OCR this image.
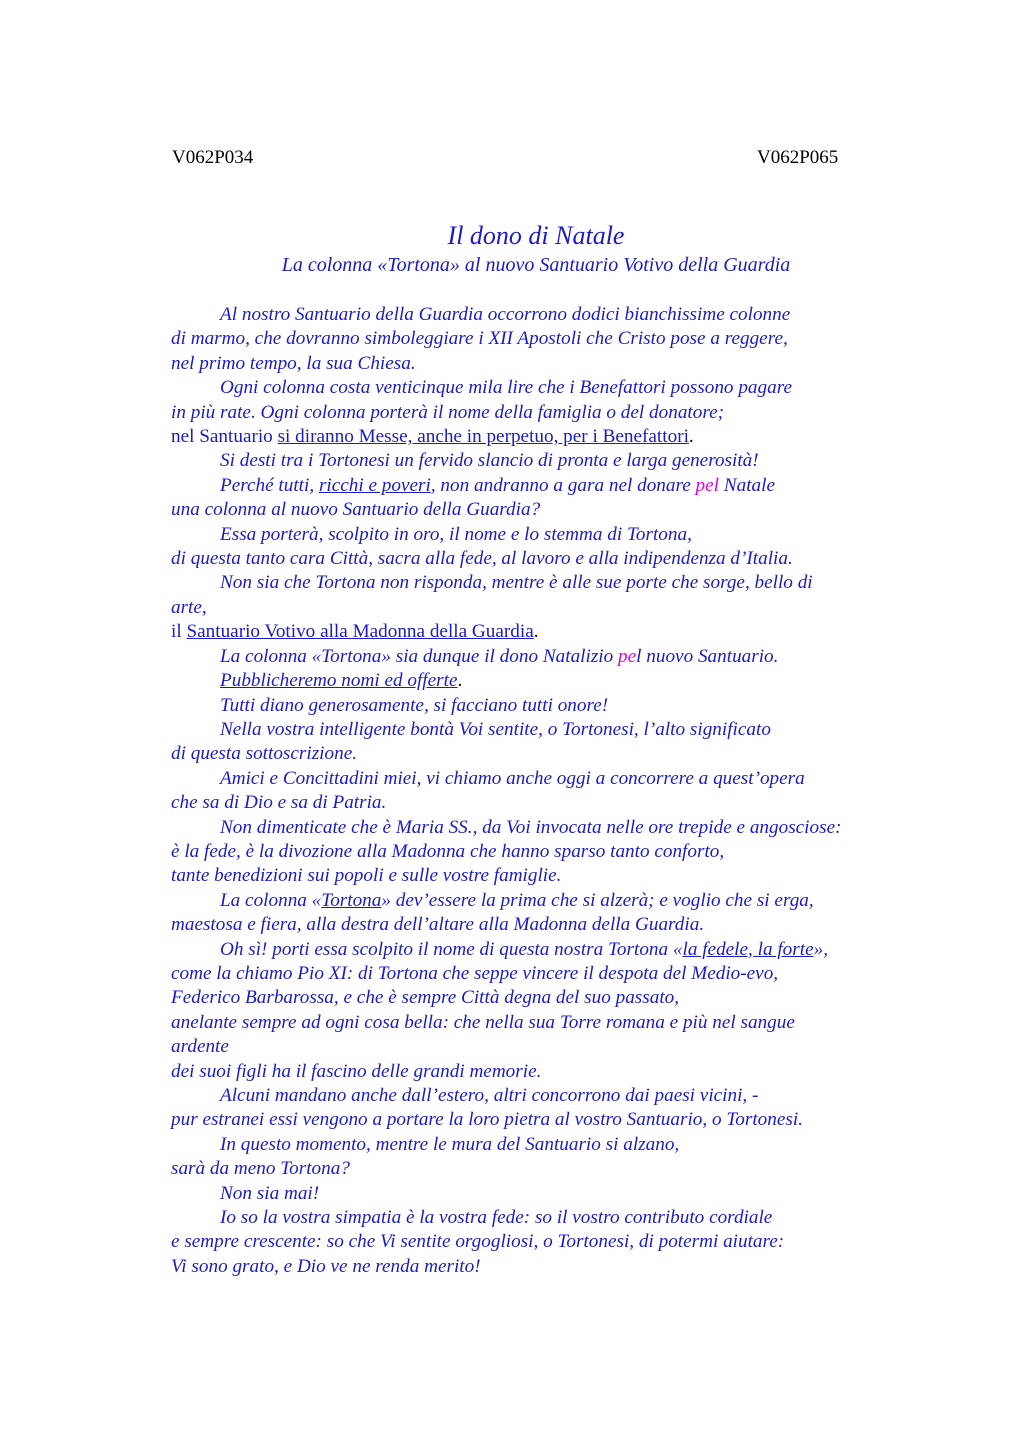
V062P034	V062P065
Il dono di Natale
La colonna «Tortona» al nuovo Santuario Votivo della Guardia
Al nostro Santuario della Guardia occorrono dodici bianchissime colonne
di marmo, che dovranno simboleggiare i XII Apostoli che Cristo pose a reggere,
nel primo tempo, la sua Chiesa.
Ogni colonna costa venticinque mila lire che i Benefattori possono pagare
in più rate. Ogni colonna porterà il nome della famiglia o del donatore;
nel Santuario si diranno Messe, anche in perpetuo, per i Benefattori.
Si desti tra i Tortonesi un fervido slancio di pronta e larga generosità!
Perché tutti, ricchi e poveri, non andranno a gara nel donare pel Natale
una colonna al nuovo Santuario della Guardia?
Essa porterà, scolpito in oro, il nome e lo stemma di Tortona,
di questa tanto cara Città, sacra alla fede, al lavoro e alla indipendenza d’Italia.
Non sia che Tortona non risponda, mentre è alle sue porte che sorge, bello di
arte,
il Santuario Votivo alla Madonna della Guardia.
La colonna «Tortona» sia dunque il dono Natalizio pel nuovo Santuario.
Pubblicheremo nomi ed offerte.
Tutti diano generosamente, si facciano tutti onore!
Nella vostra intelligente bontà Voi sentite, o Tortonesi, l’alto significato
di questa sottoscrizione.
Amici e Concittadini miei, vi chiamo anche oggi a concorrere a quest’opera
che sa di Dio e sa di Patria.
Non dimenticate che è Maria SS., da Voi invocata nelle ore trepide e angosciose:
è la fede, è la divozione alla Madonna che hanno sparso tanto conforto,
tante benedizioni sui popoli e sulle vostre famiglie.
La colonna «Tortona» dev’essere la prima che si alzerà; e voglio che si erga,
maestosa e fiera, alla destra dell’altare alla Madonna della Guardia.
Oh sì! porti essa scolpito il nome di questa nostra Tortona «la fedele, la forte»,
come la chiamo Pio XI: di Tortona che seppe vincere il despota del Medio-evo,
Federico Barbarossa, e che è sempre Città degna del suo passato,
anelante sempre ad ogni cosa bella: che nella sua Torre romana e più nel sangue
ardente
dei suoi figli ha il fascino delle grandi memorie.
Alcuni mandano anche dall’estero, altri concorrono dai paesi vicini, -
pur estranei essi vengono a portare la loro pietra al vostro Santuario, o Tortonesi.
In questo momento, mentre le mura del Santuario si alzano,
sarà da meno Tortona?
Non sia mai!
Io so la vostra simpatia è la vostra fede: so il vostro contributo cordiale
e sempre crescente: so che Vi sentite orgogliosi, o Tortonesi, di potermi aiutare:
Vi sono grato, e Dio ve ne renda merito!
